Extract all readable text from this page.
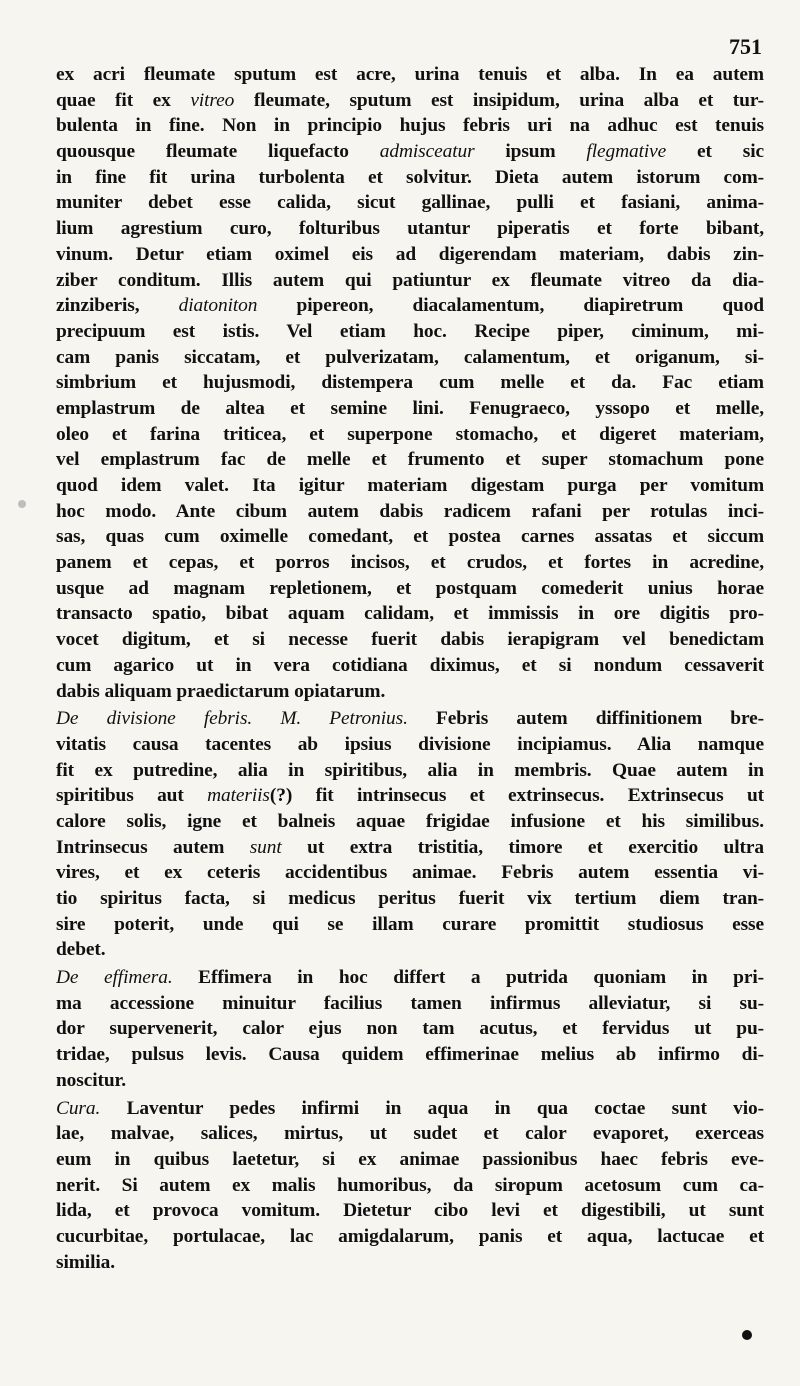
751
ex acri fleumate sputum est acre, urina tenuis et alba. In ea autem
quae fit ex vitreo fleumate, sputum est insipidum, urina alba et tur-
bulenta in fine. Non in principio hujus febris uri na adhuc est tenuis
quousque fleumate liquefacto admisceatur ipsum flegmative et sic
in fine fit urina turbolenta et solvitur. Dieta autem istorum com-
muniter debet esse calida, sicut gallinae, pulli et fasiani, anima-
lium agrestium curo, folturibus utantur piperatis et forte bibant,
vinum. Detur etiam oximel eis ad digerendam materiam, dabis zin-
ziber conditum. Illis autem qui patiuntur ex fleumate vitreo da dia-
zinziberis, diatoniton pipereon, diacalamentum, diapiretrum quod
precipuum est istis. Vel etiam hoc. Recipe piper, ciminum, mi-
cam panis siccatam, et pulverizatam, calamentum, et origanum, si-
simbrium et hujusmodi, distempera cum melle et da. Fac etiam
emplastrum de altea et semine lini. Fenugraeco, yssopo et melle,
oleo et farina triticea, et superpone stomacho, et digeret materiam,
vel emplastrum fac de melle et frumento et super stomachum pone
quod idem valet. Ita igitur materiam digestam purga per vomitum
hoc modo. Ante cibum autem dabis radicem rafani per rotulas inci-
sas, quas cum oximelle comedant, et postea carnes assatas et siccum
panem et cepas, et porros incisos, et crudos, et fortes in acredine,
usque ad magnam repletionem, et postquam comederit unius horae
transacto spatio, bibat aquam calidam, et immissis in ore digitis pro-
vocet digitum, et si necesse fuerit dabis ierapigram vel benedictam
cum agarico ut in vera cotidiana diximus, et si nondum cessaverit
dabis aliquam praedictarum opiatarum.
De divisione febris. M. Petronius. Febris autem diffinitionem bre-
vitatis causa tacentes ab ipsius divisione incipiamus. Alia namque
fit ex putredine, alia in spiritibus, alia in membris. Quae autem in
spiritibus aut materiis(?) fit intrinsecus et extrinsecus. Extrinsecus ut
calore solis, igne et balneis aquae frigidae infusione et his similibus.
Intrinsecus autem sunt ut extra tristitia, timore et exercitio ultra
vires, et ex ceteris accidentibus animae. Febris autem essentia vi-
tio spiritus facta, si medicus peritus fuerit vix tertium diem tran-
sire poterit, unde qui se illam curare promittit studiosus esse
debet.
De effimera. Effimera in hoc differt a putrida quoniam in pri-
ma accessione minuitur facilius tamen infirmus alleviatur, si su-
dor supervenerit, calor ejus non tam acutus, et fervidus ut pu-
tridae, pulsus levis. Causa quidem effimerinae melius ab infirmo di-
noscitur.
Cura. Laventur pedes infirmi in aqua in qua coctae sunt vio-
lae, malvae, salices, mirtus, ut sudet et calor evaporet, exerceas
eum in quibus laetetur, si ex animae passionibus haec febris eve-
nerit. Si autem ex malis humoribus, da siropum acetosum cum ca-
lida, et provoca vomitum. Dietetur cibo levi et digestibili, ut sunt
cucurbitae, portulacae, lac amigdalarum, panis et aqua, lactucae et
similia.
